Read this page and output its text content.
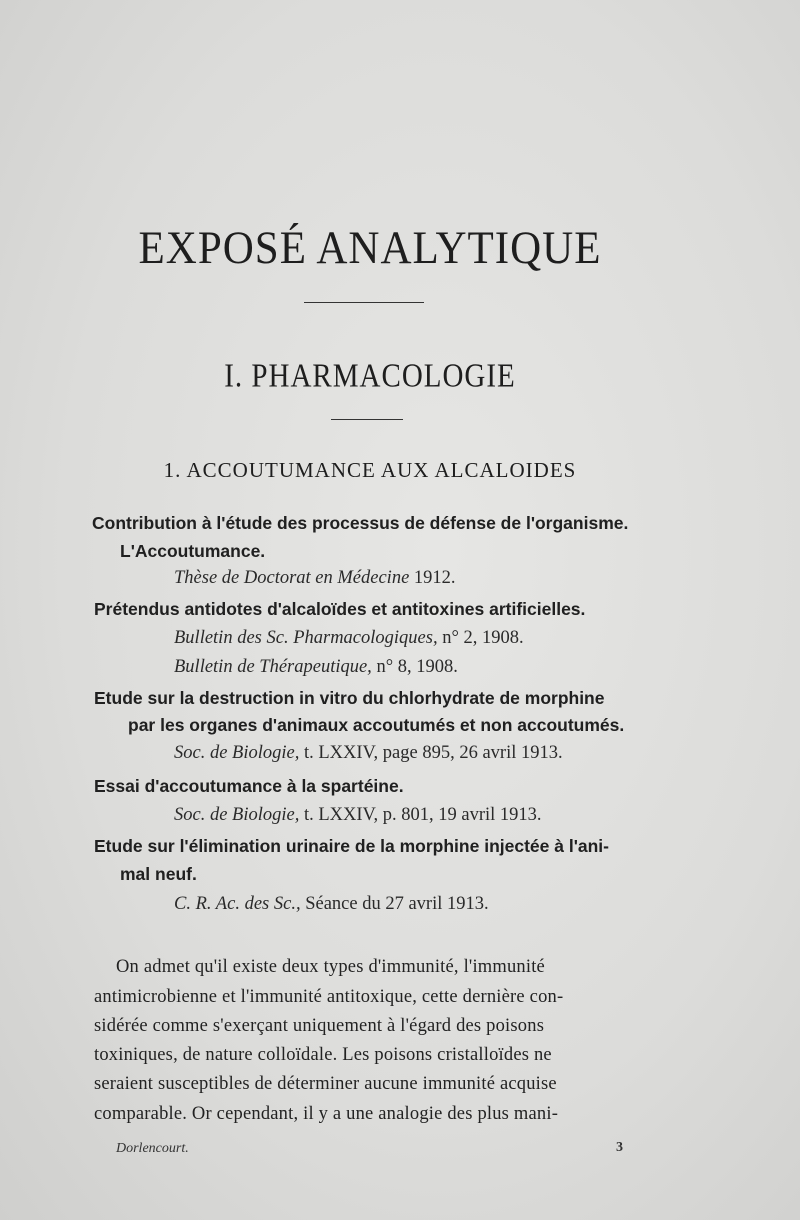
EXPOSÉ ANALYTIQUE
I. PHARMACOLOGIE
1. ACCOUTUMANCE AUX ALCALOIDES
Contribution à l'étude des processus de défense de l'organisme.
L'Accoutumance.
Thèse de Doctorat en Médecine 1912.
Prétendus antidotes d'alcaloïdes et antitoxines artificielles.
Bulletin des Sc. Pharmacologiques, n° 2, 1908.
Bulletin de Thérapeutique, n° 8, 1908.
Etude sur la destruction in vitro du chlorhydrate de morphine
par les organes d'animaux accoutumés et non accoutumés.
Soc. de Biologie, t. LXXIV, page 895, 26 avril 1913.
Essai d'accoutumance à la spartéine.
Soc. de Biologie, t. LXXIV, p. 801, 19 avril 1913.
Etude sur l'élimination urinaire de la morphine injectée à l'ani-
mal neuf.
C. R. Ac. des Sc., Séance du 27 avril 1913.
On admet qu'il existe deux types d'immunité, l'immunité
antimicrobienne et l'immunité antitoxique, cette dernière con-
sidérée comme s'exerçant uniquement à l'égard des poisons
toxiniques, de nature colloïdale. Les poisons cristalloïdes ne
seraient susceptibles de déterminer aucune immunité acquise
comparable. Or cependant, il y a une analogie des plus mani-
Dorlencourt.	3
